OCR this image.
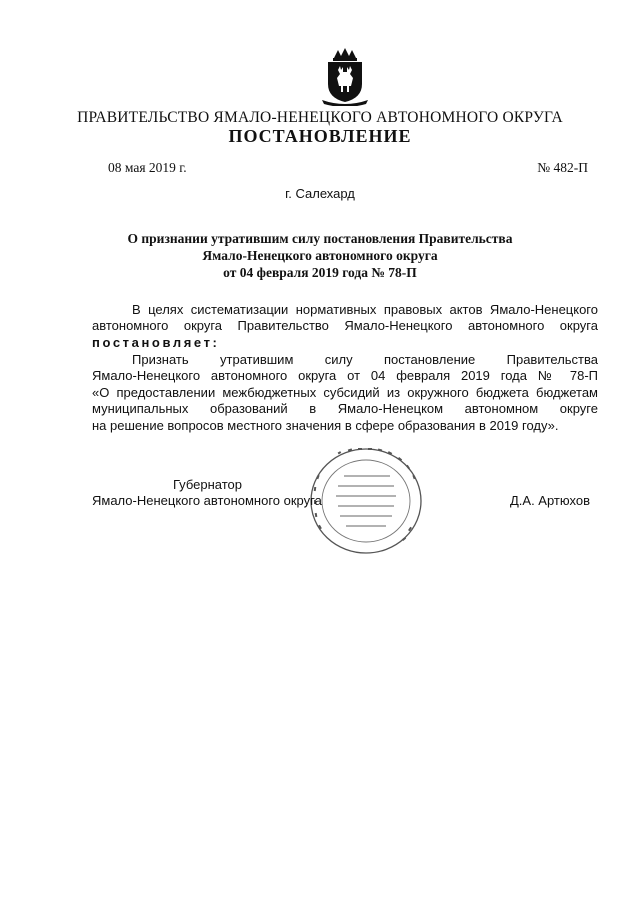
ПРАВИТЕЛЬСТВО ЯМАЛО-НЕНЕЦКОГО АВТОНОМНОГО ОКРУГА
ПОСТАНОВЛЕНИЕ
08 мая 2019 г.	№ 482-П
г. Салехард
О признании утратившим силу постановления Правительства
Ямало-Ненецкого автономного округа
от 04 февраля 2019 года № 78-П
В целях систематизации нормативных правовых актов Ямало-Ненецкого
автономного округа Правительство Ямало-Ненецкого автономного округа
постановляет:
Признать утратившим силу постановление Правительства
Ямало-Ненецкого автономного округа от 04 февраля 2019 года № 78-П
«О предоставлении межбюджетных субсидий из окружного бюджета бюджетам
муниципальных образований в Ямало-Ненецком автономном округе
на решение вопросов местного значения в сфере образования в 2019 году».
Губернатор
Ямало-Ненецкого автономного округа	Д.А. Артюхов
